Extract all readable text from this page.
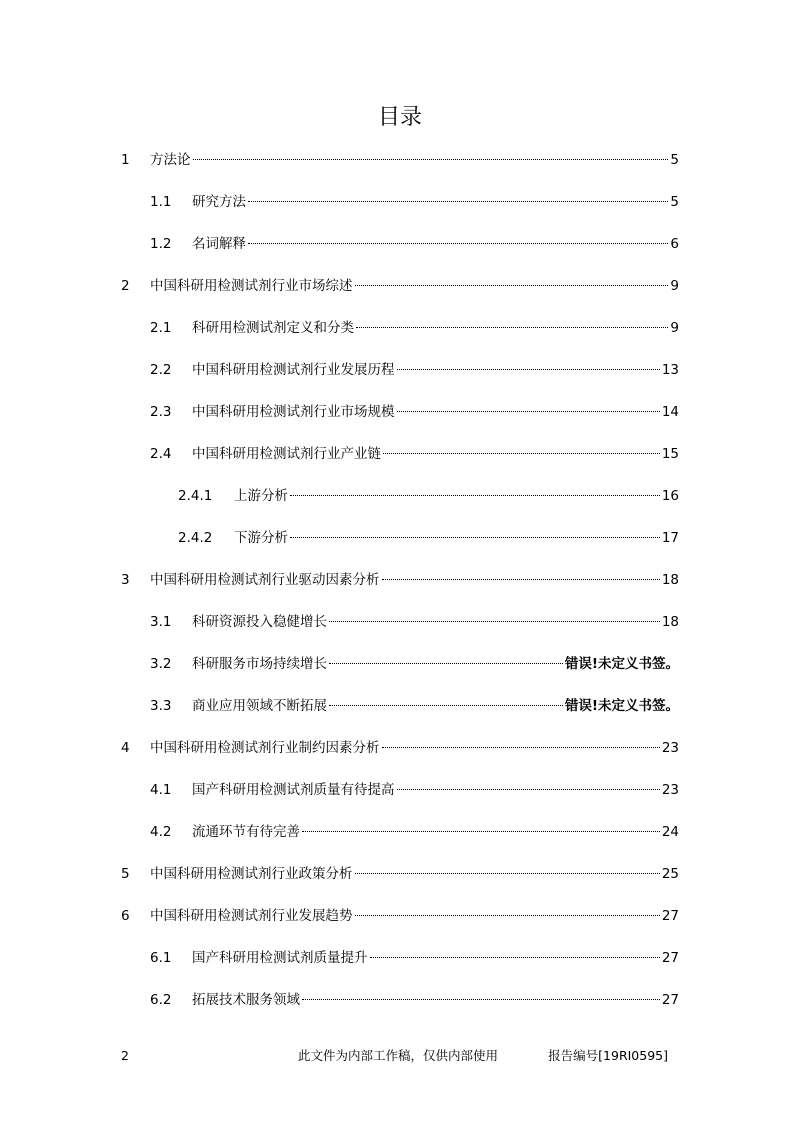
目录
1 方法论	5
1.1 研究方法	5
1.2 名词解释	6
2 中国科研用检测试剂行业市场综述	9
2.1 科研用检测试剂定义和分类	9
2.2 中国科研用检测试剂行业发展历程	13
2.3 中国科研用检测试剂行业市场规模	14
2.4 中国科研用检测试剂行业产业链	15
2.4.1 上游分析	16
2.4.2 下游分析	17
3 中国科研用检测试剂行业驱动因素分析	18
3.1 科研资源投入稳健增长	18
3.2 科研服务市场持续增长	错误!未定义书签。
3.3 商业应用领域不断拓展	错误!未定义书签。
4 中国科研用检测试剂行业制约因素分析	23
4.1 国产科研用检测试剂质量有待提高	23
4.2 流通环节有待完善	24
5 中国科研用检测试剂行业政策分析	25
6 中国科研用检测试剂行业发展趋势	27
6.1 国产科研用检测试剂质量提升	27
6.2 拓展技术服务领域	27
2	此文件为内部工作稿，仅供内部使用	报告编号[19RI0595]
